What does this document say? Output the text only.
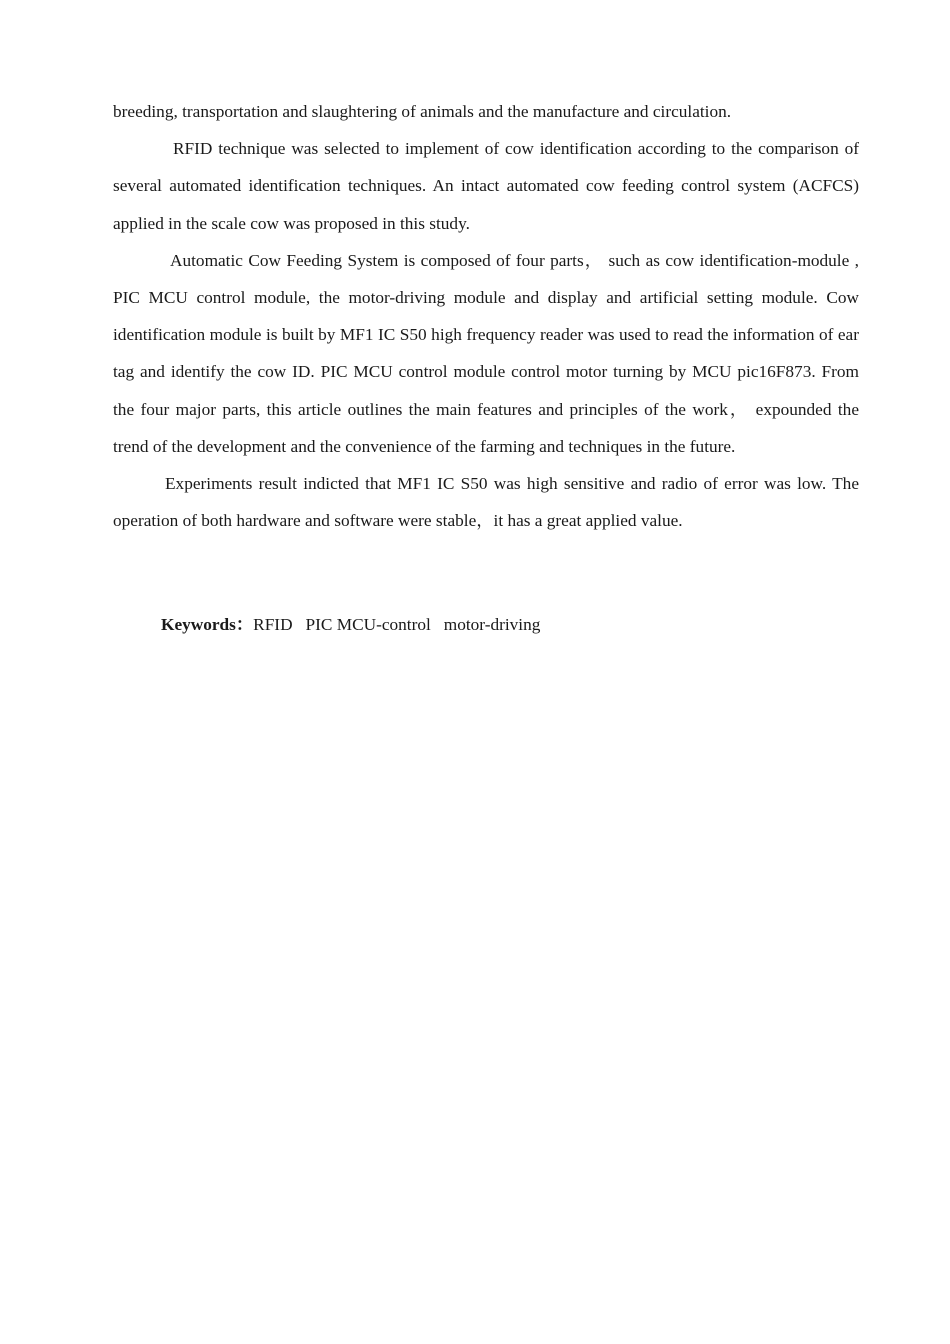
breeding, transportation and slaughtering of animals and the manufacture and circulation.

RFID technique was selected to implement of cow identification according to the comparison of several automated identification techniques. An intact automated cow feeding control system (ACFCS) applied in the scale cow was proposed in this study.

Automatic Cow Feeding System is composed of four parts， such as cow identification-module , PIC MCU control module, the motor-driving module and display and artificial setting module. Cow identification module is built by MF1 IC S50 high frequency reader was used to read the information of ear tag and identify the cow ID. PIC MCU control module control motor turning by MCU pic16F873. From the four major parts, this article outlines the main features and principles of the work， expounded the trend of the development and the convenience of the farming and techniques in the future.

Experiments result indicted that MF1 IC S50 was high sensitive and radio of error was low. The operation of both hardware and software were stable，it has a great applied value.

Keywords：RFID   PIC MCU-control   motor-driving
